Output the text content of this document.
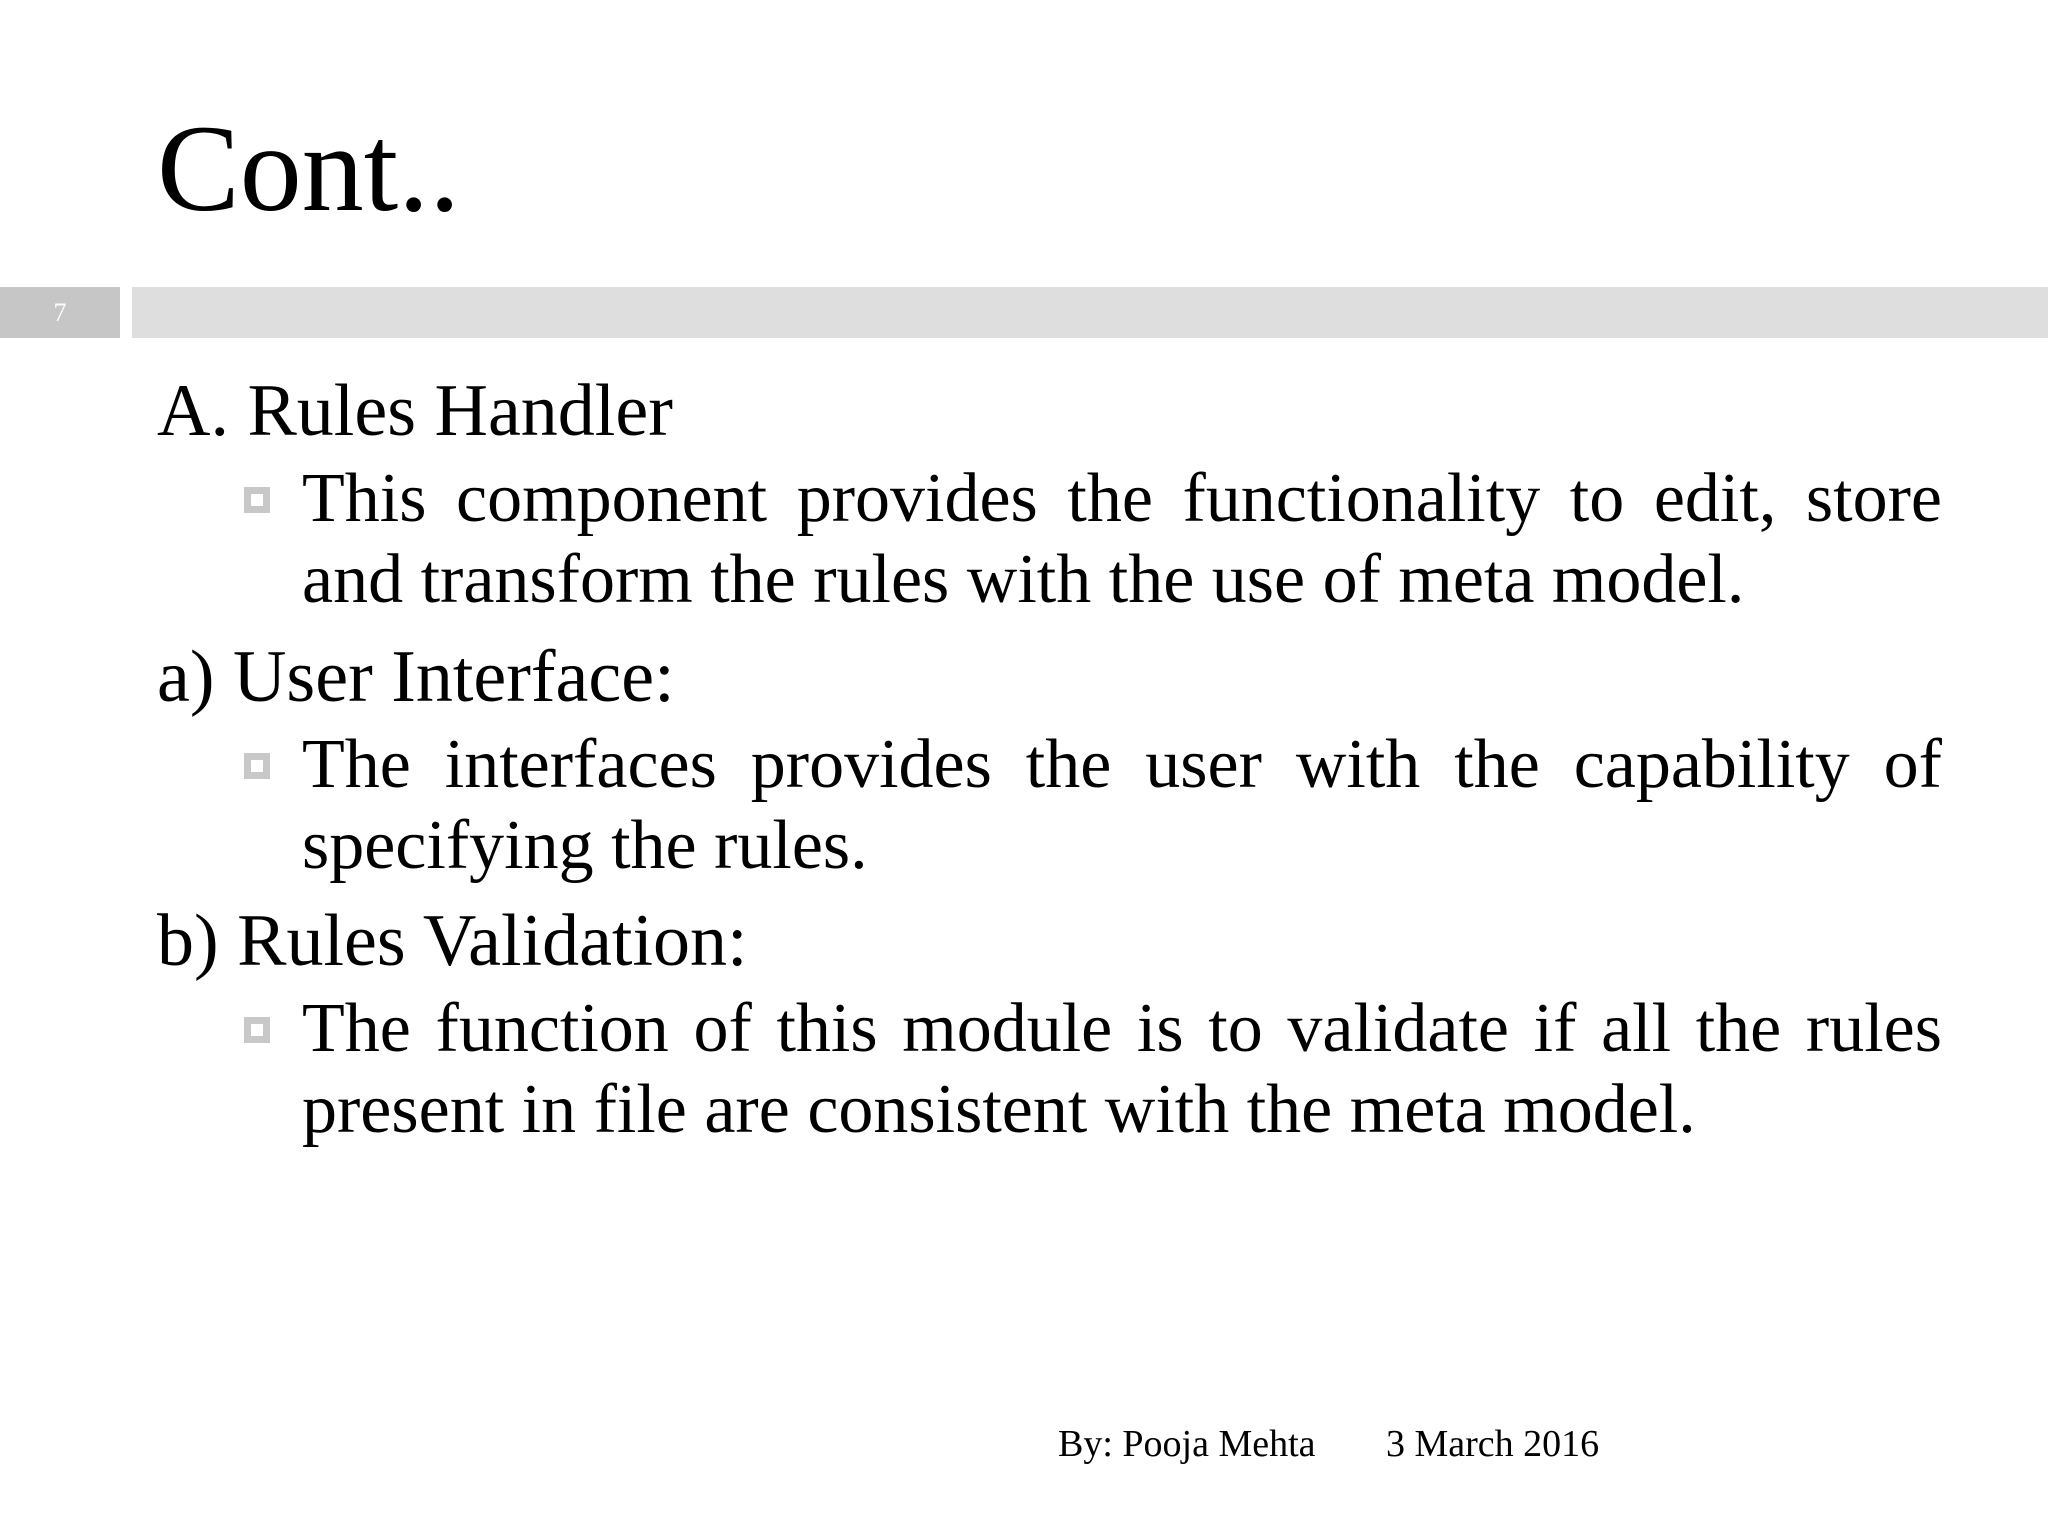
Cont..
7
A. Rules Handler
This component provides the functionality to edit, store and transform the rules with the use of meta model.
a) User Interface:
The interfaces provides the user with the capability of specifying the rules.
b) Rules Validation:
The function of this module is to validate if all the rules present in file are consistent with the meta model.
By: Pooja Mehta 3 March 2016
